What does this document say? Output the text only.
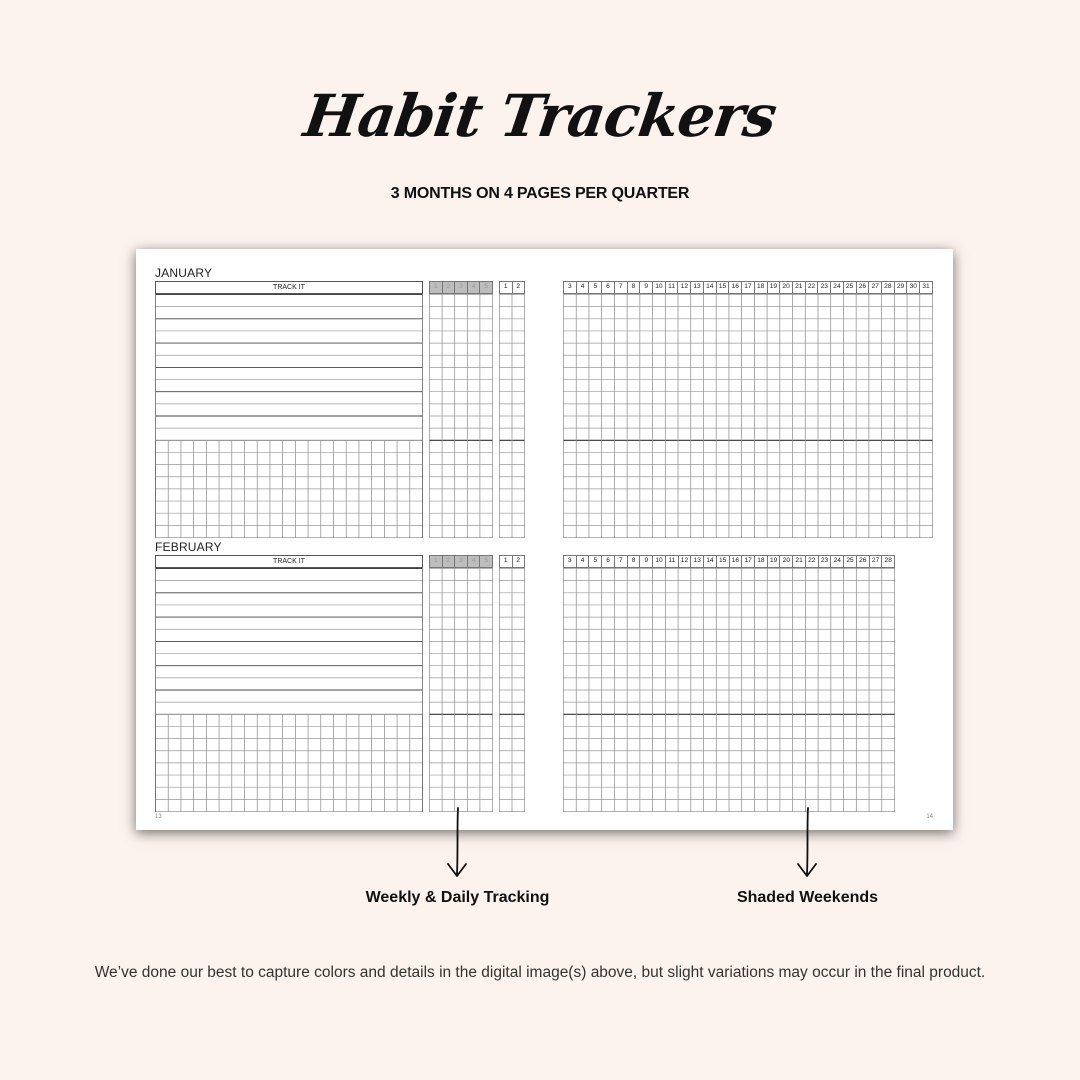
Habit Trackers
3 MONTHS ON 4 PAGES PER QUARTER
JANUARY
TRACK IT	1	2	3	4	5	1	2	3	4	5	6	7	8	9	10 11 12 13 14 15 16 17 18 19 20 21 22 23 24 25 26 27 28 29 30 31
FEBRUARY
TRACK IT	1	2	3	4	5	1	2	3	4	5	6	7	8	9	10 11 12 13 14 15 16 17 18 19 20 21 22 23 24 25 26 27 28
13	14
Weekly & Daily Tracking	Shaded Weekends
We’ve done our best to capture colors and details in the digital image(s) above, but slight variations may occur in the final product.
